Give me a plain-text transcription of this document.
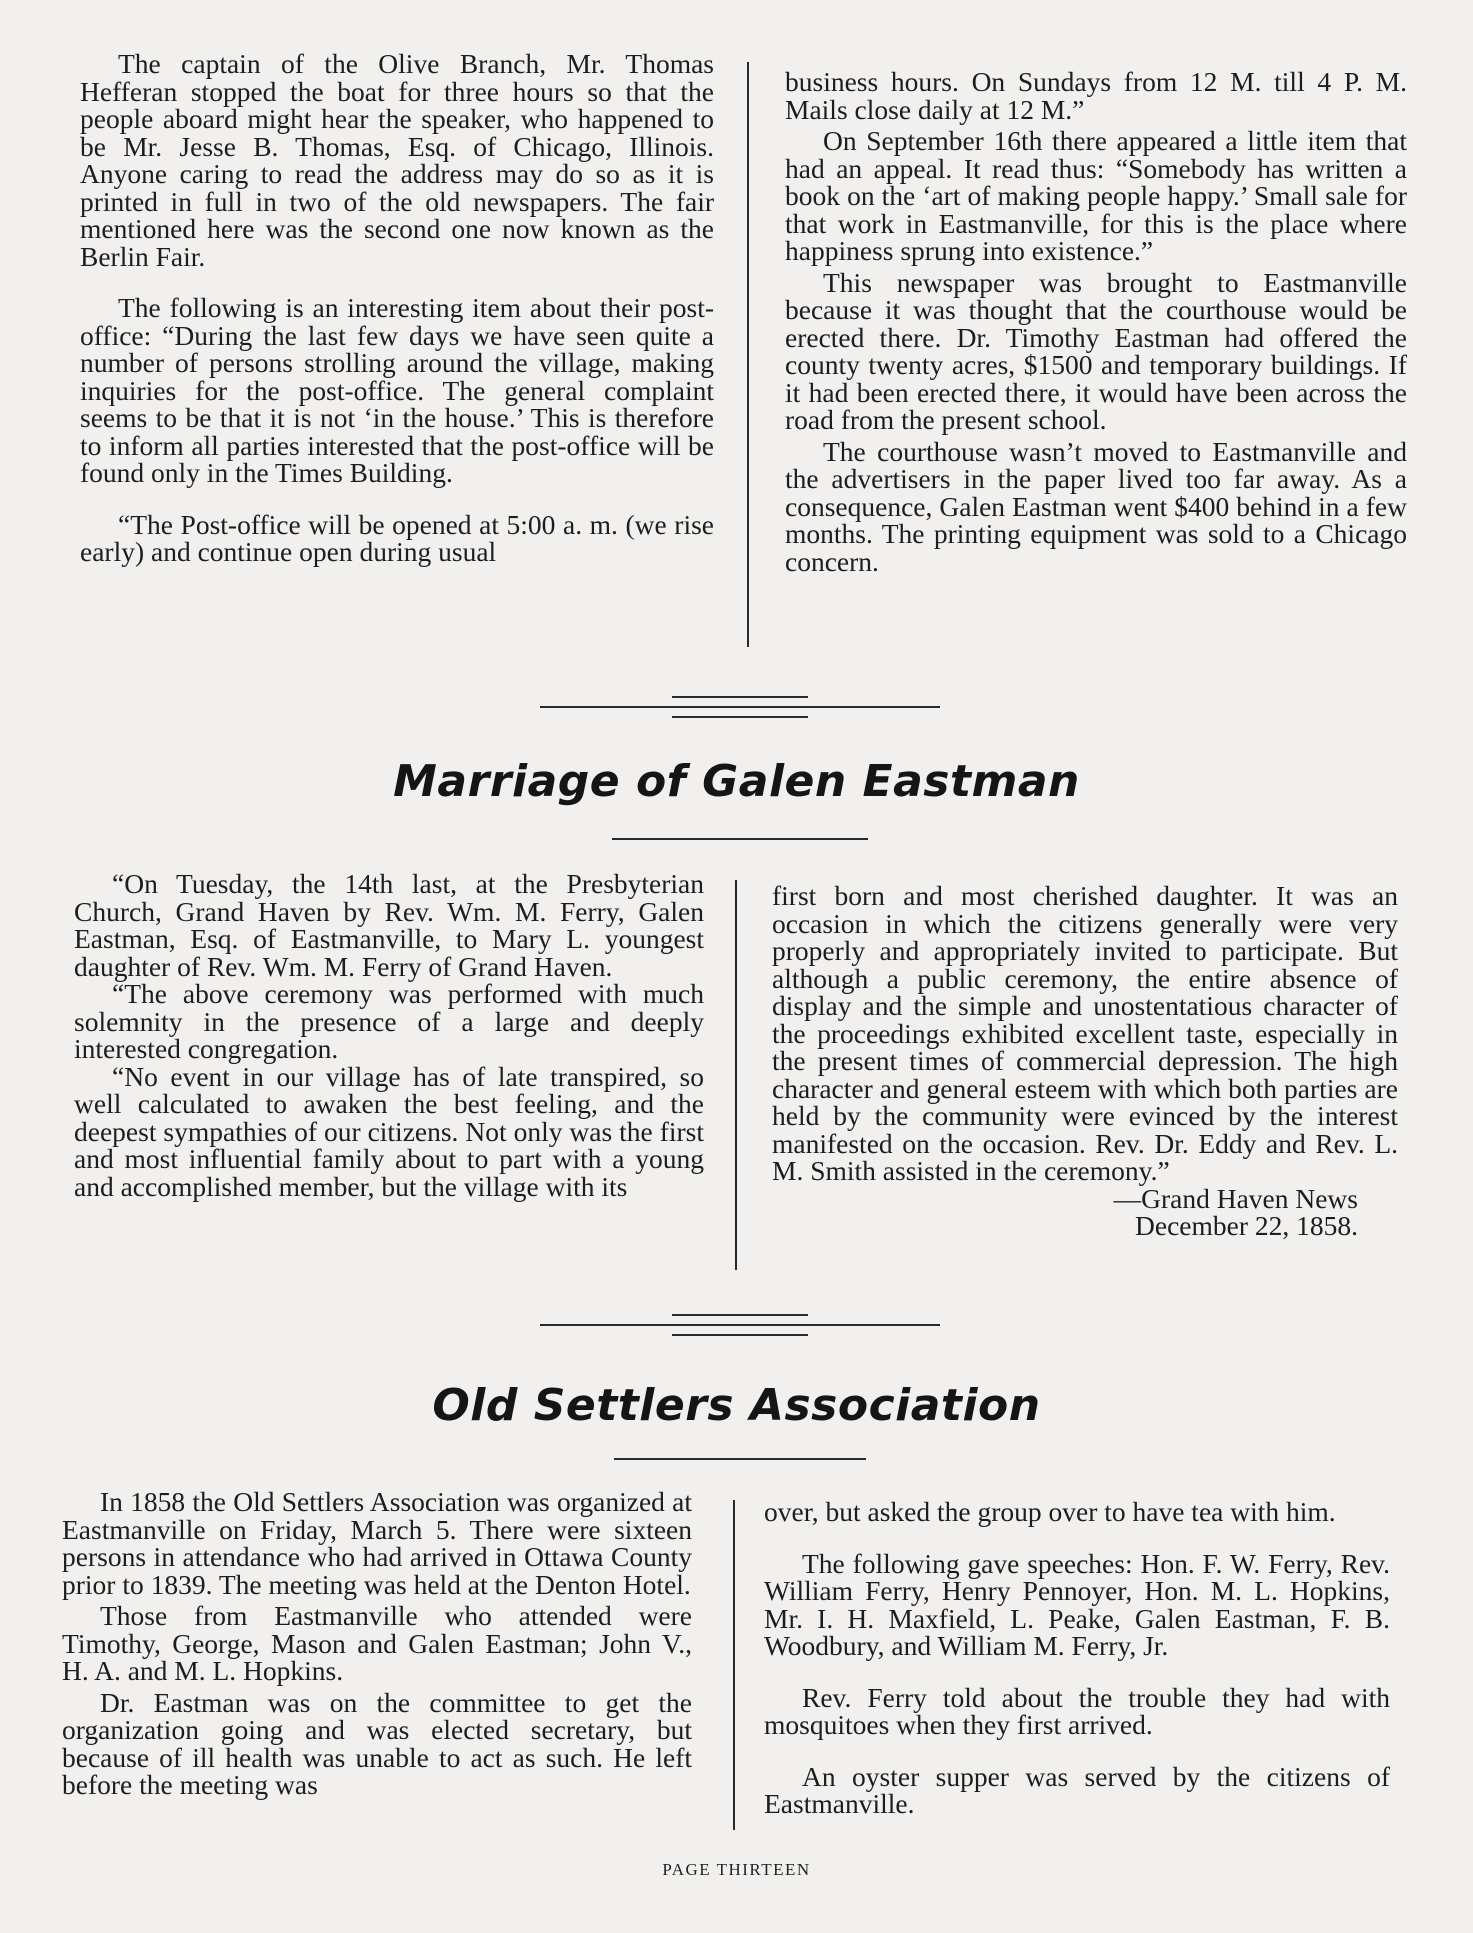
The captain of the Olive Branch, Mr. Thomas Hefferan stopped the boat for three hours so that the people aboard might hear the speaker, who happened to be Mr. Jesse B. Thomas, Esq. of Chicago, Illinois. Anyone caring to read the address may do so as it is printed in full in two of the old newspapers. The fair mentioned here was the second one now known as the Berlin Fair.

The following is an interesting item about their post-office: “During the last few days we have seen quite a number of persons strolling around the village, making inquiries for the post-office. The general complaint seems to be that it is not ‘in the house.’ This is therefore to inform all parties interested that the post-office will be found only in the Times Building.

“The Post-office will be opened at 5:00 a. m. (we rise early) and continue open during usual

business hours. On Sundays from 12 M. till 4 P. M. Mails close daily at 12 M.”

On September 16th there appeared a little item that had an appeal. It read thus: “Somebody has written a book on the ‘art of making people happy.’ Small sale for that work in Eastmanville, for this is the place where happiness sprung into existence.”

This newspaper was brought to Eastmanville because it was thought that the courthouse would be erected there. Dr. Timothy Eastman had offered the county twenty acres, $1500 and temporary buildings. If it had been erected there, it would have been across the road from the present school.

The courthouse wasn’t moved to Eastmanville and the advertisers in the paper lived too far away. As a consequence, Galen Eastman went $400 behind in a few months. The printing equipment was sold to a Chicago concern.

Marriage of Galen Eastman

“On Tuesday, the 14th last, at the Presbyterian Church, Grand Haven by Rev. Wm. M. Ferry, Galen Eastman, Esq. of Eastmanville, to Mary L. youngest daughter of Rev. Wm. M. Ferry of Grand Haven.

“The above ceremony was performed with much solemnity in the presence of a large and deeply interested congregation.

“No event in our village has of late transpired, so well calculated to awaken the best feeling, and the deepest sympathies of our citizens. Not only was the first and most influential family about to part with a young and accomplished member, but the village with its

first born and most cherished daughter. It was an occasion in which the citizens generally were very properly and appropriately invited to participate. But although a public ceremony, the entire absence of display and the simple and unostentatious character of the proceedings exhibited excellent taste, especially in the present times of commercial depression. The high character and general esteem with which both parties are held by the community were evinced by the interest manifested on the occasion. Rev. Dr. Eddy and Rev. L. M. Smith assisted in the ceremony.”

—Grand Haven News

December 22, 1858.

Old Settlers Association

In 1858 the Old Settlers Association was organized at Eastmanville on Friday, March 5. There were sixteen persons in attendance who had arrived in Ottawa County prior to 1839. The meeting was held at the Denton Hotel.

Those from Eastmanville who attended were Timothy, George, Mason and Galen Eastman; John V., H. A. and M. L. Hopkins.

Dr. Eastman was on the committee to get the organization going and was elected secretary, but because of ill health was unable to act as such. He left before the meeting was

over, but asked the group over to have tea with him.

The following gave speeches: Hon. F. W. Ferry, Rev. William Ferry, Henry Pennoyer, Hon. M. L. Hopkins, Mr. I. H. Maxfield, L. Peake, Galen Eastman, F. B. Woodbury, and William M. Ferry, Jr.

Rev. Ferry told about the trouble they had with mosquitoes when they first arrived.

An oyster supper was served by the citizens of Eastmanville.

PAGE THIRTEEN
